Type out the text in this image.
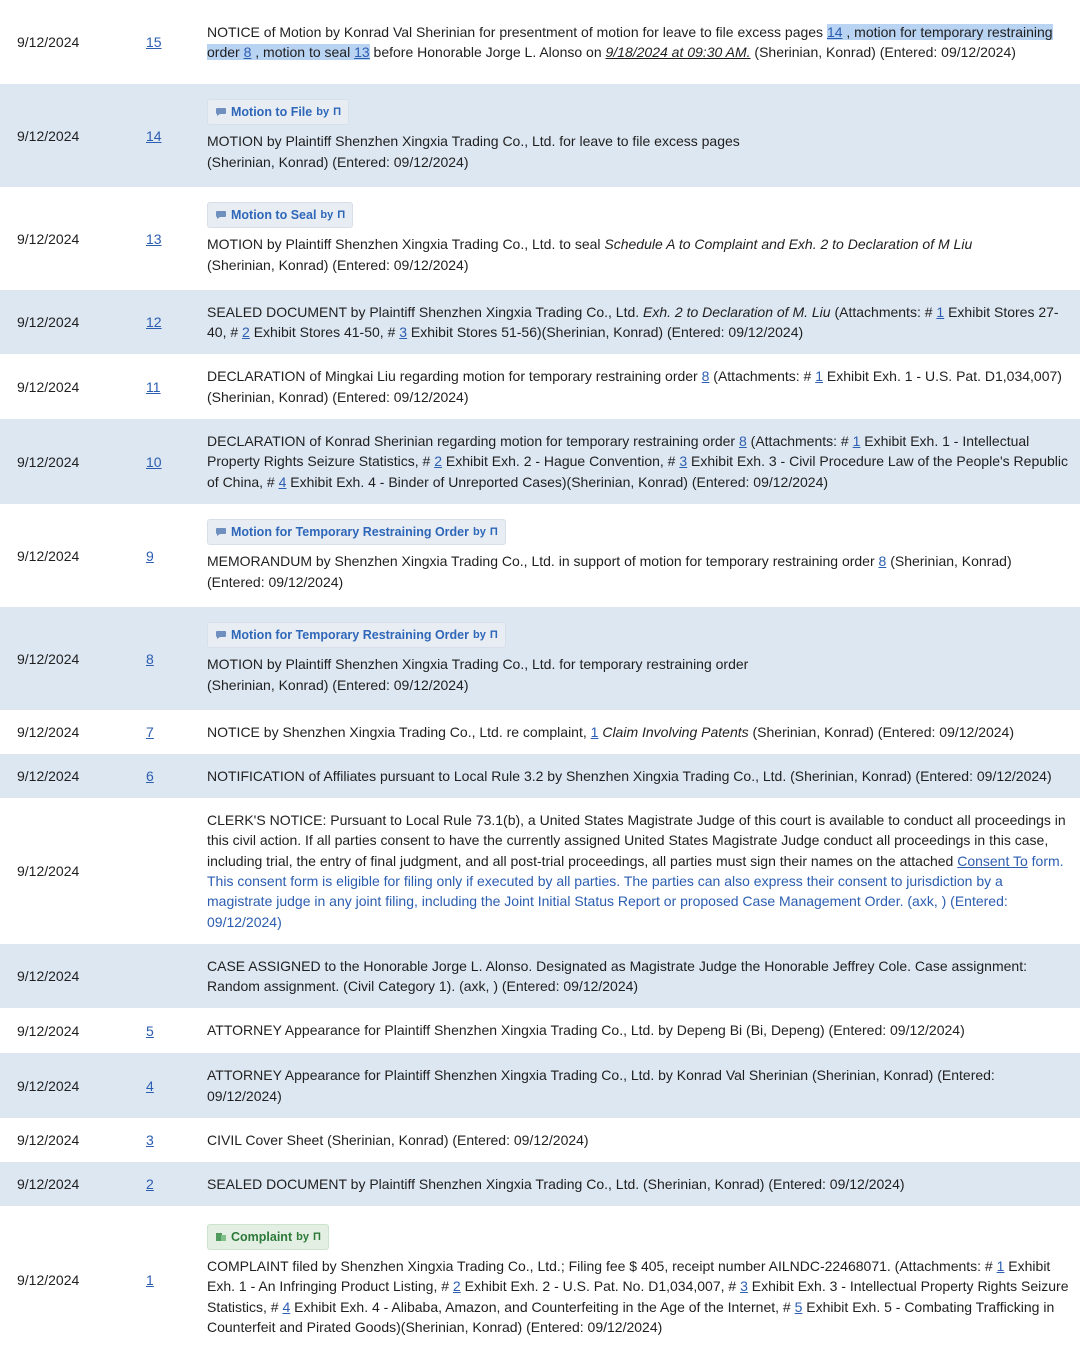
9/12/2024	15
NOTICE of Motion by Konrad Val Sherinian for presentment of motion for leave to file excess pages 14 , motion for temporary restraining order 8 , motion to seal 13 before Honorable Jorge L. Alonso on 9/18/2024 at 09:30 AM. (Sherinian, Konrad) (Entered: 09/12/2024)
9/12/2024	14
Motion to File by Π
MOTION by Plaintiff Shenzhen Xingxia Trading Co., Ltd. for leave to file excess pages
(Sherinian, Konrad) (Entered: 09/12/2024)
9/12/2024	13
Motion to Seal by Π
MOTION by Plaintiff Shenzhen Xingxia Trading Co., Ltd. to seal Schedule A to Complaint and Exh. 2 to Declaration of M Liu
(Sherinian, Konrad) (Entered: 09/12/2024)
9/12/2024	12
SEALED DOCUMENT by Plaintiff Shenzhen Xingxia Trading Co., Ltd. Exh. 2 to Declaration of M. Liu (Attachments: # 1 Exhibit Stores 27-40, # 2 Exhibit Stores 41-50, # 3 Exhibit Stores 51-56)(Sherinian, Konrad) (Entered: 09/12/2024)
9/12/2024	11
DECLARATION of Mingkai Liu regarding motion for temporary restraining order 8 (Attachments: # 1 Exhibit Exh. 1 - U.S. Pat. D1,034,007)(Sherinian, Konrad) (Entered: 09/12/2024)
9/12/2024	10
DECLARATION of Konrad Sherinian regarding motion for temporary restraining order 8 (Attachments: # 1 Exhibit Exh. 1 - Intellectual Property Rights Seizure Statistics, # 2 Exhibit Exh. 2 - Hague Convention, # 3 Exhibit Exh. 3 - Civil Procedure Law of the People's Republic of China, # 4 Exhibit Exh. 4 - Binder of Unreported Cases)(Sherinian, Konrad) (Entered: 09/12/2024)
9/12/2024	9
Motion for Temporary Restraining Order by Π
MEMORANDUM by Shenzhen Xingxia Trading Co., Ltd. in support of motion for temporary restraining order 8 (Sherinian, Konrad) (Entered: 09/12/2024)
9/12/2024	8
Motion for Temporary Restraining Order by Π
MOTION by Plaintiff Shenzhen Xingxia Trading Co., Ltd. for temporary restraining order
(Sherinian, Konrad) (Entered: 09/12/2024)
9/12/2024	7	NOTICE by Shenzhen Xingxia Trading Co., Ltd. re complaint, 1 Claim Involving Patents (Sherinian, Konrad) (Entered: 09/12/2024)
9/12/2024	6	NOTIFICATION of Affiliates pursuant to Local Rule 3.2 by Shenzhen Xingxia Trading Co., Ltd. (Sherinian, Konrad) (Entered: 09/12/2024)
9/12/2024
CLERK'S NOTICE: Pursuant to Local Rule 73.1(b), a United States Magistrate Judge of this court is available to conduct all proceedings in this civil action. If all parties consent to have the currently assigned United States Magistrate Judge conduct all proceedings in this case, including trial, the entry of final judgment, and all post-trial proceedings, all parties must sign their names on the attached Consent To form. This consent form is eligible for filing only if executed by all parties. The parties can also express their consent to jurisdiction by a magistrate judge in any joint filing, including the Joint Initial Status Report or proposed Case Management Order. (axk, ) (Entered: 09/12/2024)
9/12/2024
CASE ASSIGNED to the Honorable Jorge L. Alonso. Designated as Magistrate Judge the Honorable Jeffrey Cole. Case assignment: Random assignment. (Civil Category 1). (axk, ) (Entered: 09/12/2024)
9/12/2024	5	ATTORNEY Appearance for Plaintiff Shenzhen Xingxia Trading Co., Ltd. by Depeng Bi (Bi, Depeng) (Entered: 09/12/2024)
9/12/2024	4
ATTORNEY Appearance for Plaintiff Shenzhen Xingxia Trading Co., Ltd. by Konrad Val Sherinian (Sherinian, Konrad) (Entered: 09/12/2024)
9/12/2024	3	CIVIL Cover Sheet (Sherinian, Konrad) (Entered: 09/12/2024)
9/12/2024	2	SEALED DOCUMENT by Plaintiff Shenzhen Xingxia Trading Co., Ltd. (Sherinian, Konrad) (Entered: 09/12/2024)
9/12/2024	1
Complaint by Π
COMPLAINT filed by Shenzhen Xingxia Trading Co., Ltd.; Filing fee $ 405, receipt number AILNDC-22468071. (Attachments: # 1 Exhibit Exh. 1 - An Infringing Product Listing, # 2 Exhibit Exh. 2 - U.S. Pat. No. D1,034,007, # 3 Exhibit Exh. 3 - Intellectual Property Rights Seizure Statistics, # 4 Exhibit Exh. 4 - Alibaba, Amazon, and Counterfeiting in the Age of the Internet, # 5 Exhibit Exh. 5 - Combating Trafficking in Counterfeit and Pirated Goods)(Sherinian, Konrad) (Entered: 09/12/2024)
